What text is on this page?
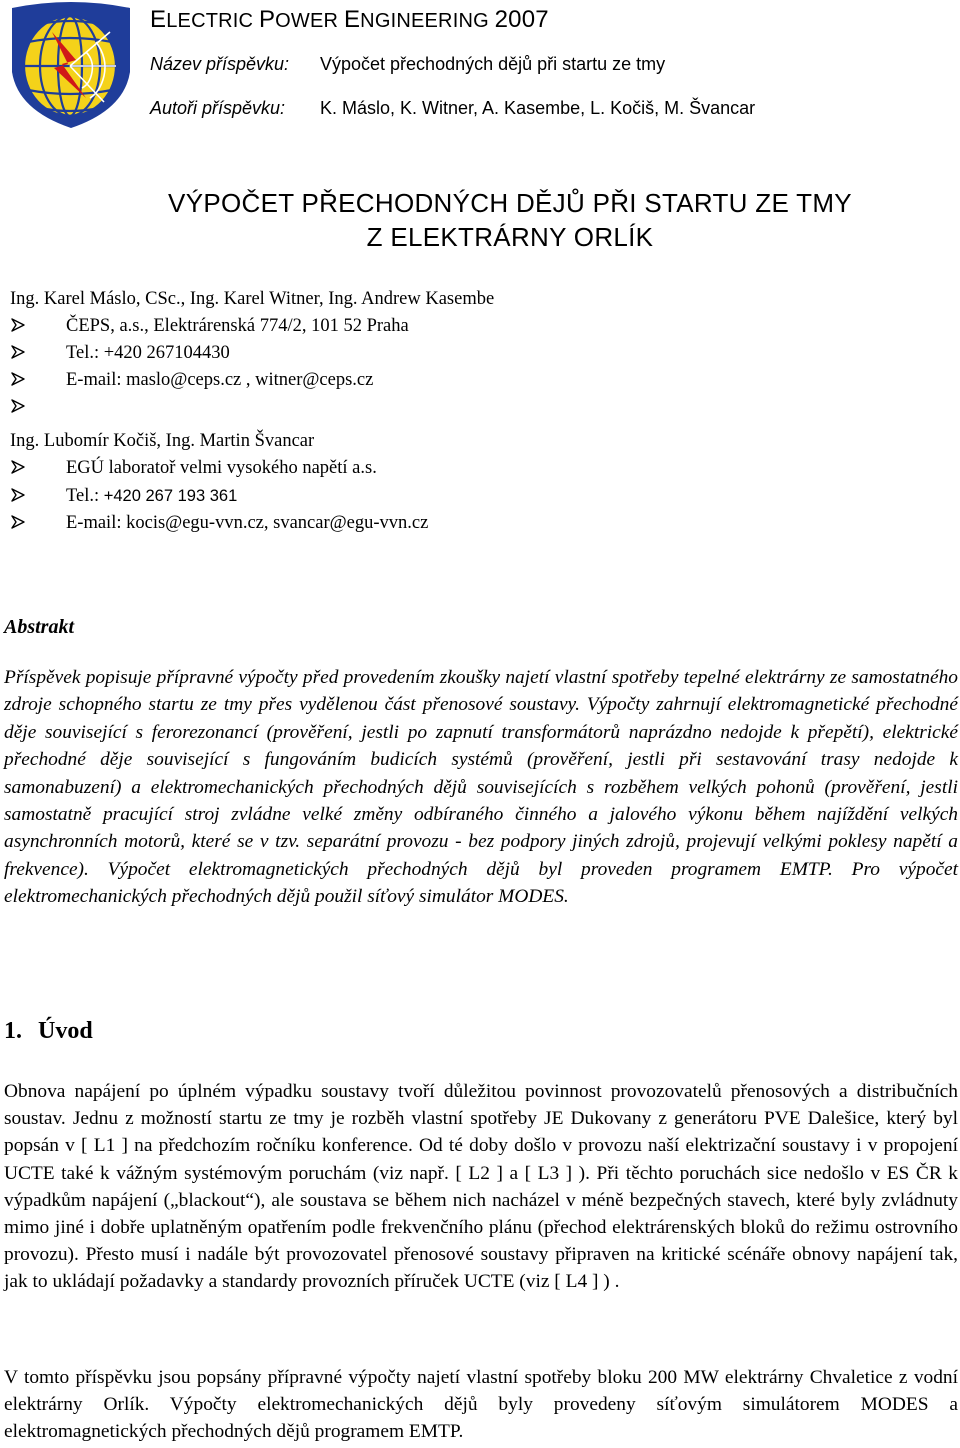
ELECTRIC POWER ENGINEERING 2007
Název příspěvku: Výpočet přechodných dějů při startu ze tmy
Autoři příspěvku: K. Máslo, K. Witner, A. Kasembe, L. Kočiš, M. Švancar
VÝPOČET PŘECHODNÝCH DĚJŮ PŘI STARTU ZE TMY
Z ELEKTRÁRNY ORLÍK
Ing. Karel Máslo, CSc., Ing. Karel Witner, Ing. Andrew Kasembe
ČEPS, a.s., Elektrárenská 774/2, 101 52 Praha
Tel.: +420 267104430
E-mail: maslo@ceps.cz , witner@ceps.cz
Ing. Lubomír Kočiš, Ing. Martin Švancar
EGÚ laboratoř velmi vysokého napětí a.s.
Tel.: +420 267 193 361
E-mail: kocis@egu-vvn.cz, svancar@egu-vvn.cz
Abstrakt
Příspěvek popisuje přípravné výpočty před provedením zkoušky najetí vlastní spotřeby tepelné elektrárny ze samostatného zdroje schopného startu ze tmy přes vydělenou část přenosové soustavy. Výpočty zahrnují elektromagnetické přechodné děje související s ferorezonancí (prověření, jestli po zapnutí transformátorů naprázdno nedojde k přepětí), elektrické přechodné děje související s fungováním budicích systémů (prověření, jestli při sestavování trasy nedojde k samonabuzení) a elektromechanických přechodných dějů souvisejících s rozběhem velkých pohonů (prověření, jestli samostatně pracující stroj zvládne velké změny odbíraného činného a jalového výkonu během najíždění velkých asynchronních motorů, které se v tzv. separátní provozu - bez podpory jiných zdrojů, projevují velkými poklesy napětí a frekvence). Výpočet elektromagnetických přechodných dějů byl proveden programem EMTP. Pro výpočet elektromechanických přechodných dějů použil síťový simulátor MODES.
1. Úvod
Obnova napájení po úplném výpadku soustavy tvoří důležitou povinnost provozovatelů přenosových a distribučních soustav. Jednu z možností startu ze tmy je rozběh vlastní spotřeby JE Dukovany z generátoru PVE Dalešice, který byl popsán v [ L1 ] na předchozím ročníku konference. Od té doby došlo v provozu naší elektrizační soustavy i v propojení UCTE také k vážným systémovým poruchám (viz např. [ L2 ] a [ L3 ] ). Při těchto poruchách sice nedošlo v ES ČR k výpadkům napájení („blackout“), ale soustava se během nich nacházel v méně bezpečných stavech, které byly zvládnuty mimo jiné i dobře uplatněným opatřením podle frekvenčního plánu (přechod elektrárenských bloků do režimu ostrovního provozu). Přesto musí i nadále být provozovatel přenosové soustavy připraven na kritické scénáře obnovy napájení tak, jak to ukládají požadavky a standardy provozních příruček UCTE (viz [ L4 ] ) .
V tomto příspěvku jsou popsány přípravné výpočty najetí vlastní spotřeby bloku 200 MW elektrárny Chvaletice z vodní elektrárny Orlík. Výpočty elektromechanických dějů byly provedeny síťovým simulátorem MODES a elektromagnetických přechodných dějů programem EMTP.
